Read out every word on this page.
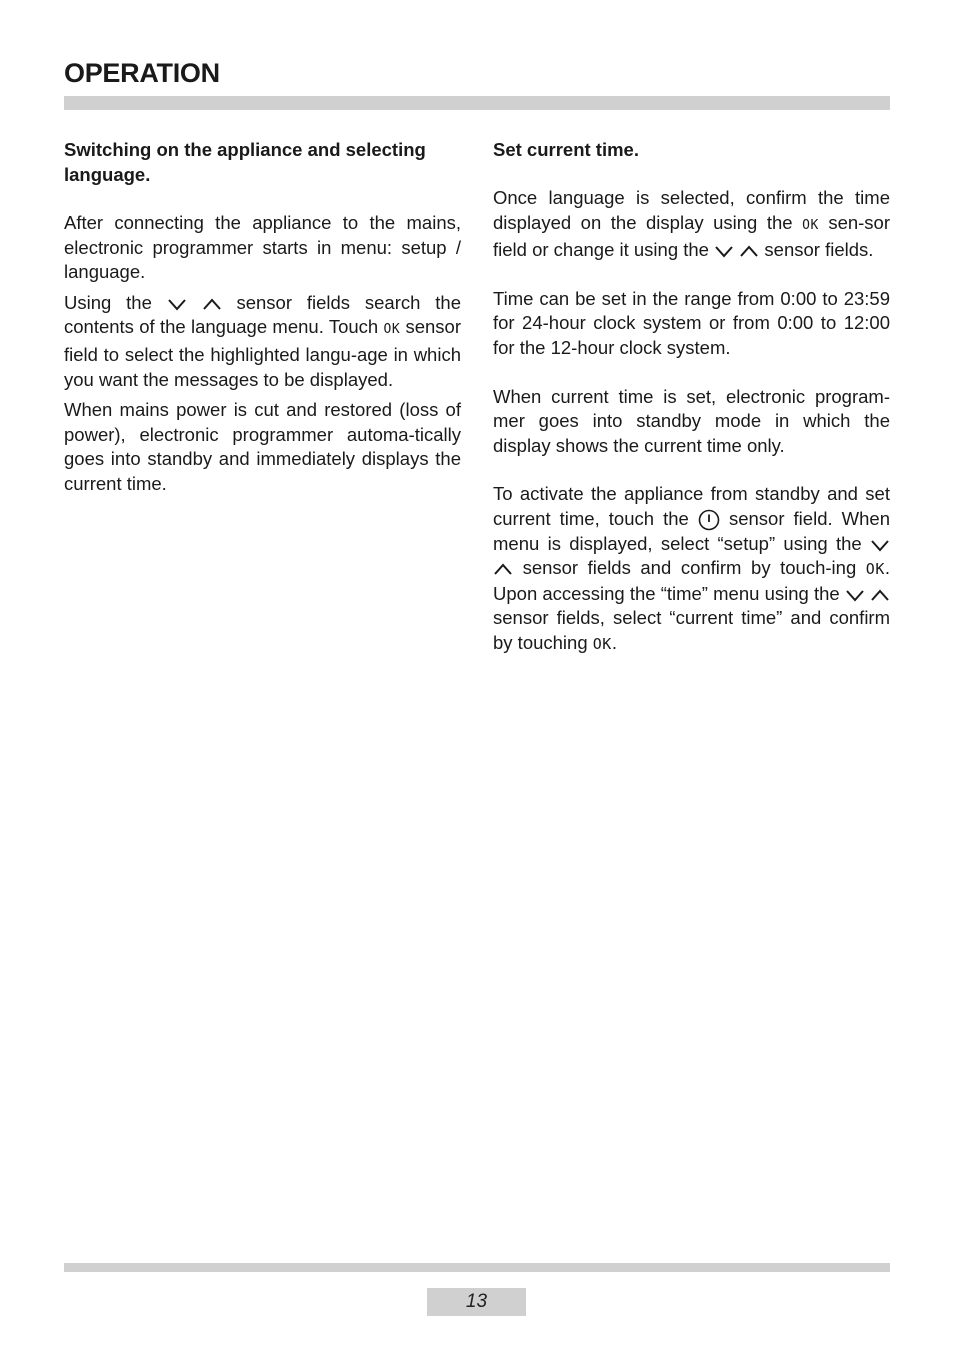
OPERATION
Switching on the appliance and selecting language.

After connecting the appliance to the mains, electronic programmer starts in menu: setup / language.

Using the	sensor fields search the contents of the language menu. Touch OK sensor field to select the highlighted langu-age in which you want the messages to be displayed.

When mains power is cut and restored (loss of power), electronic programmer automa-tically goes into standby and immediately displays the current time.

Set current time.

Once language is selected, confirm the time displayed on the display using the OK sen-sor field or change it using the	sensor fields.

Time can be set in the range from 0:00 to 23:59 for 24-hour clock system or from 0:00 to 12:00 for the 12-hour clock system.

When current time is set, electronic program-mer goes into standby mode in which the display shows the current time only.

To activate the appliance from standby and set current time, touch the sensor field. When menu is displayed, select “setup” using the   sensor fields and confirm by touch-ing OK. Upon accessing the “time” menu using the   sensor fields, select “current time” and confirm by touching OK.

13
